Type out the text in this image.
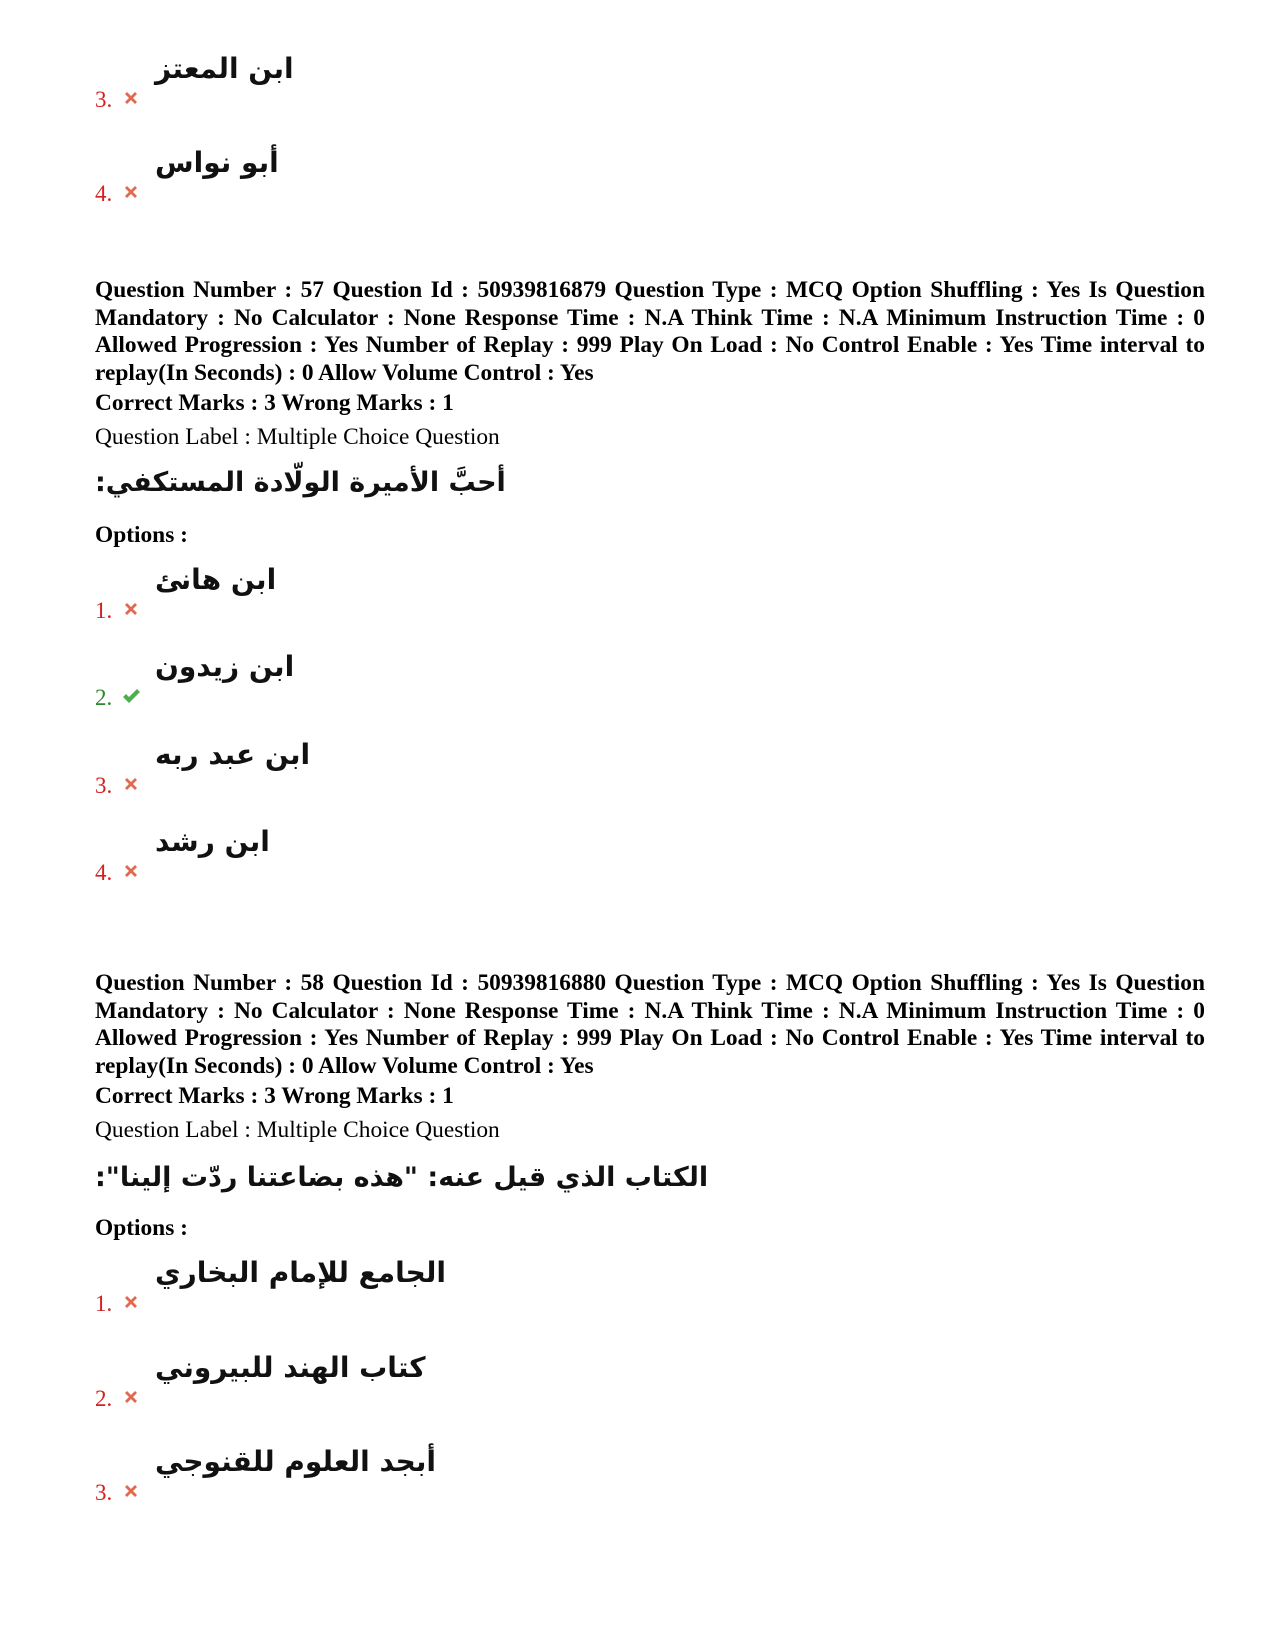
3.
ابن المعتز
4.
أبو نواس
Question Number : 57 Question Id : 50939816879 Question Type : MCQ Option Shuffling : Yes Is Question Mandatory : No Calculator : None Response Time : N.A Think Time : N.A Minimum Instruction Time : 0 Allowed Progression : Yes Number of Replay : 999 Play On Load : No Control Enable : Yes Time interval to replay(In Seconds) : 0 Allow Volume Control : Yes
Correct Marks : 3 Wrong Marks : 1
Question Label : Multiple Choice Question
أحبَّ الأميرة الولّادة المستكفي:
Options :
1.
ابن هانئ
2.
ابن زيدون
3.
ابن عبد ربه
4.
ابن رشد
Question Number : 58 Question Id : 50939816880 Question Type : MCQ Option Shuffling : Yes Is Question Mandatory : No Calculator : None Response Time : N.A Think Time : N.A Minimum Instruction Time : 0 Allowed Progression : Yes Number of Replay : 999 Play On Load : No Control Enable : Yes Time interval to replay(In Seconds) : 0 Allow Volume Control : Yes
Correct Marks : 3 Wrong Marks : 1
Question Label : Multiple Choice Question
الكتاب الذي قيل عنه: "هذه بضاعتنا ردّت إلينا":
Options :
1.
الجامع للإمام البخاري
2.
كتاب الهند للبيروني
3.
أبجد العلوم للقنوجي
